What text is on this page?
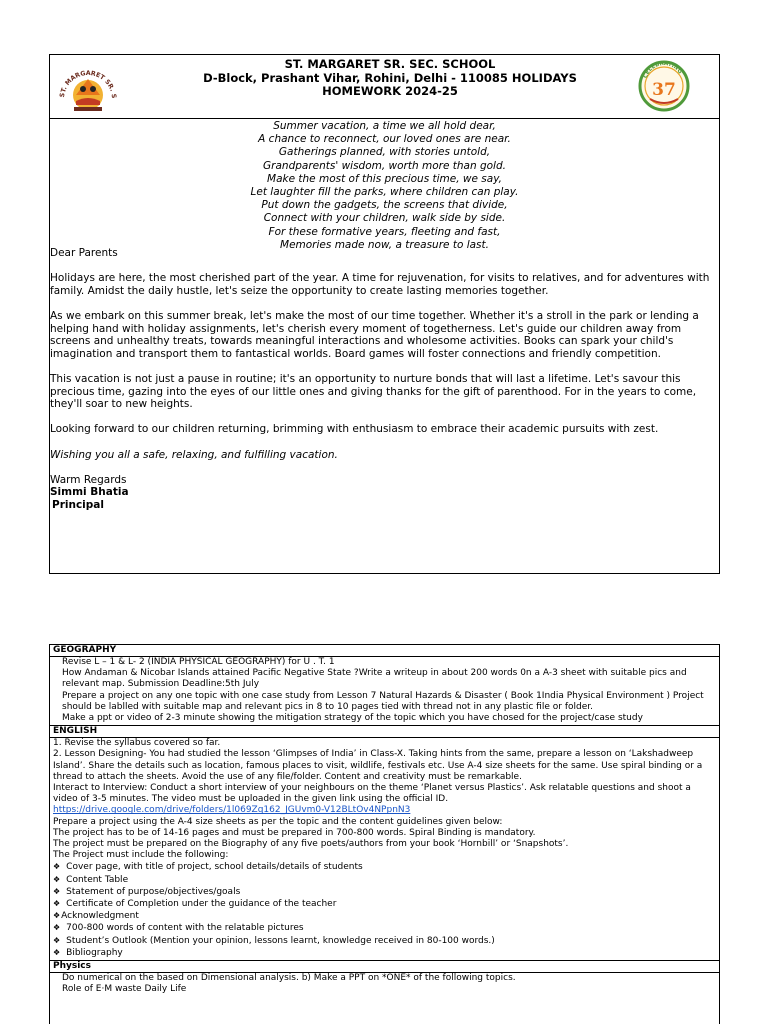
ST. MARGARET SR. S
ST. MARGARET SR. SEC. SCHOOL
D-Block, Prashant Vihar, Rohini, Delhi - 110085 HOLIDAYS
HOMEWORK 2024-25
CELEBRATING
37
Summer vacation, a time we all hold dear,
A chance to reconnect, our loved ones are near.
Gatherings planned, with stories untold,
Grandparents' wisdom, worth more than gold.
Make the most of this precious time, we say,
Let laughter fill the parks, where children can play.
Put down the gadgets, the screens that divide,
Connect with your children, walk side by side.
For these formative years, fleeting and fast,
Memories made now, a treasure to last.

Dear Parents

Holidays are here, the most cherished part of the year. A time for rejuvenation, for visits to relatives, and for adventures with family. Amidst the daily hustle, let's seize the opportunity to create lasting memories together.

As we embark on this summer break, let's make the most of our time together. Whether it's a stroll in the park or lending a helping hand with holiday assignments, let's cherish every moment of togetherness. Let's guide our children away from screens and unhealthy treats, towards meaningful interactions and wholesome activities. Books can spark your child's imagination and transport them to fantastical worlds. Board games will foster connections and friendly competition.

This vacation is not just a pause in routine; it's an opportunity to nurture bonds that will last a lifetime. Let's savour this precious time, gazing into the eyes of our little ones and giving thanks for the gift of parenthood. For in the years to come, they'll soar to new heights.

Looking forward to our children returning, brimming with enthusiasm to embrace their academic pursuits with zest.

Wishing you all a safe, relaxing, and fulfilling vacation.

Warm Regards
Simmi Bhatia
Principal
GEOGRAPHY
Revise L – 1 & L- 2 (INDIA PHYSICAL GEOGRAPHY) for U . T. 1
How Andaman & Nicobar Islands attained Pacific Negative State ?Write a writeup in about 200 words 0n a A-3 sheet with suitable pics and relevant map. Submission Deadline:5th July
Prepare a project on any one topic with one case study from Lesson 7 Natural Hazards & Disaster ( Book 1India Physical Environment ) Project should be lablled with suitable map and relevant pics in 8 to 10 pages tied with thread not in any plastic file or folder.
Make a ppt or video of 2-3 minute showing the mitigation strategy of the topic which you have chosed for the project/case study
ENGLISH
1. Revise the syllabus covered so far.
2. Lesson Designing- You had studied the lesson ‘Glimpses of India’ in Class-X. Taking hints from the same, prepare a lesson on ‘Lakshadweep Island’. Share the details such as location, famous places to visit, wildlife, festivals etc. Use A-4 size sheets for the same. Use spiral binding or a thread to attach the sheets. Avoid the use of any file/folder. Content and creativity must be remarkable.
Interact to Interview: Conduct a short interview of your neighbours on the theme ‘Planet versus Plastics’. Ask relatable questions and shoot a video of 3-5 minutes. The video must be uploaded in the given link using the official ID.
https://drive.google.com/drive/folders/1l069Zq162_JGUvm0-V12BLtOv4NPpnN3
Prepare a project using the A-4 size sheets as per the topic and the content guidelines given below:
The project has to be of 14-16 pages and must be prepared in 700-800 words. Spiral Binding is mandatory.
The project must be prepared on the Biography of any five poets/authors from your book ‘Hornbill’ or ‘Snapshots’.
The Project must include the following:
❖ Cover page, with title of project, school details/details of students
❖ Content Table
❖ Statement of purpose/objectives/goals
❖ Certificate of Completion under the guidance of the teacher
❖ Acknowledgment
❖ 700-800 words of content with the relatable pictures
❖ Student’s Outlook (Mention your opinion, lessons learnt, knowledge received in 80-100 words.)
❖ Bibliography
Physics
Do numerical on the based on Dimensional analysis. b) Make a PPT on *ONE* of the following topics.
Role of E·M waste Daily Life
